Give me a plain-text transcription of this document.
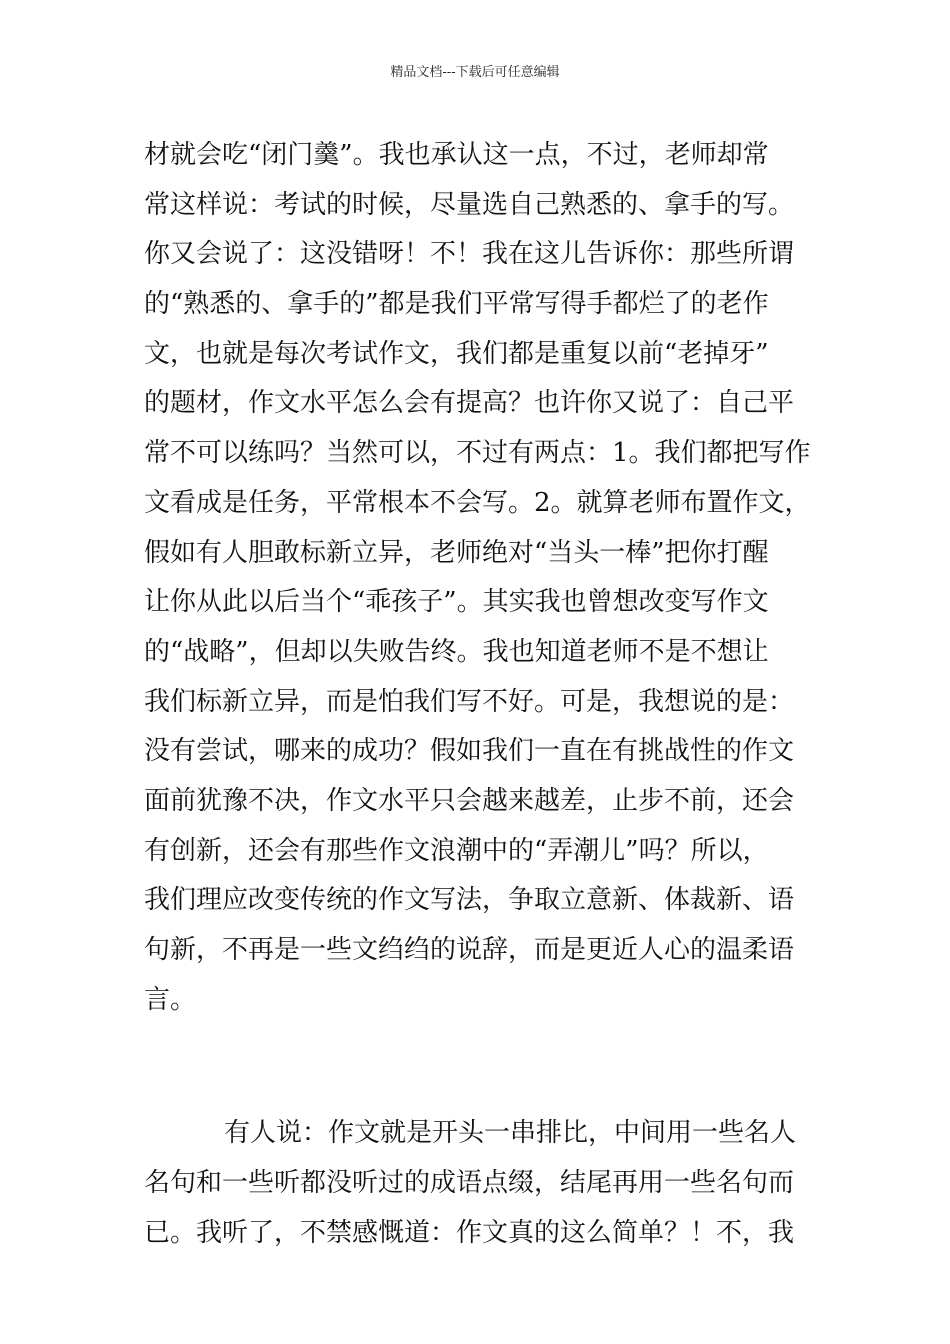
精品文档---下载后可任意编辑
材就会吃“闭门羹”。我也承认这一点，不过，老师却常
常这样说：考试的时候，尽量选自己熟悉的、拿手的写。
你又会说了：这没错呀！不！我在这儿告诉你：那些所谓
的“熟悉的、拿手的”都是我们平常写得手都烂了的老作
文，也就是每次考试作文，我们都是重复以前“老掉牙”
的题材，作文水平怎么会有提高？也许你又说了：自己平
常不可以练吗？当然可以，不过有两点：1。我们都把写作
文看成是任务，平常根本不会写。2。就算老师布置作文，
假如有人胆敢标新立异，老师绝对“当头一棒”把你打醒
让你从此以后当个“乖孩子”。其实我也曾想改变写作文
的“战略”，但却以失败告终。我也知道老师不是不想让
我们标新立异，而是怕我们写不好。可是，我想说的是：
没有尝试，哪来的成功？假如我们一直在有挑战性的作文
面前犹豫不决，作文水平只会越来越差，止步不前，还会
有创新，还会有那些作文浪潮中的“弄潮儿”吗？所以，
我们理应改变传统的作文写法，争取立意新、体裁新、语
句新，不再是一些文绉绉的说辞，而是更近人心的温柔语
言。
有人说：作文就是开头一串排比，中间用一些名人
名句和一些听都没听过的成语点缀，结尾再用一些名句而
已。我听了，不禁感慨道：作文真的这么简单？！不，我
